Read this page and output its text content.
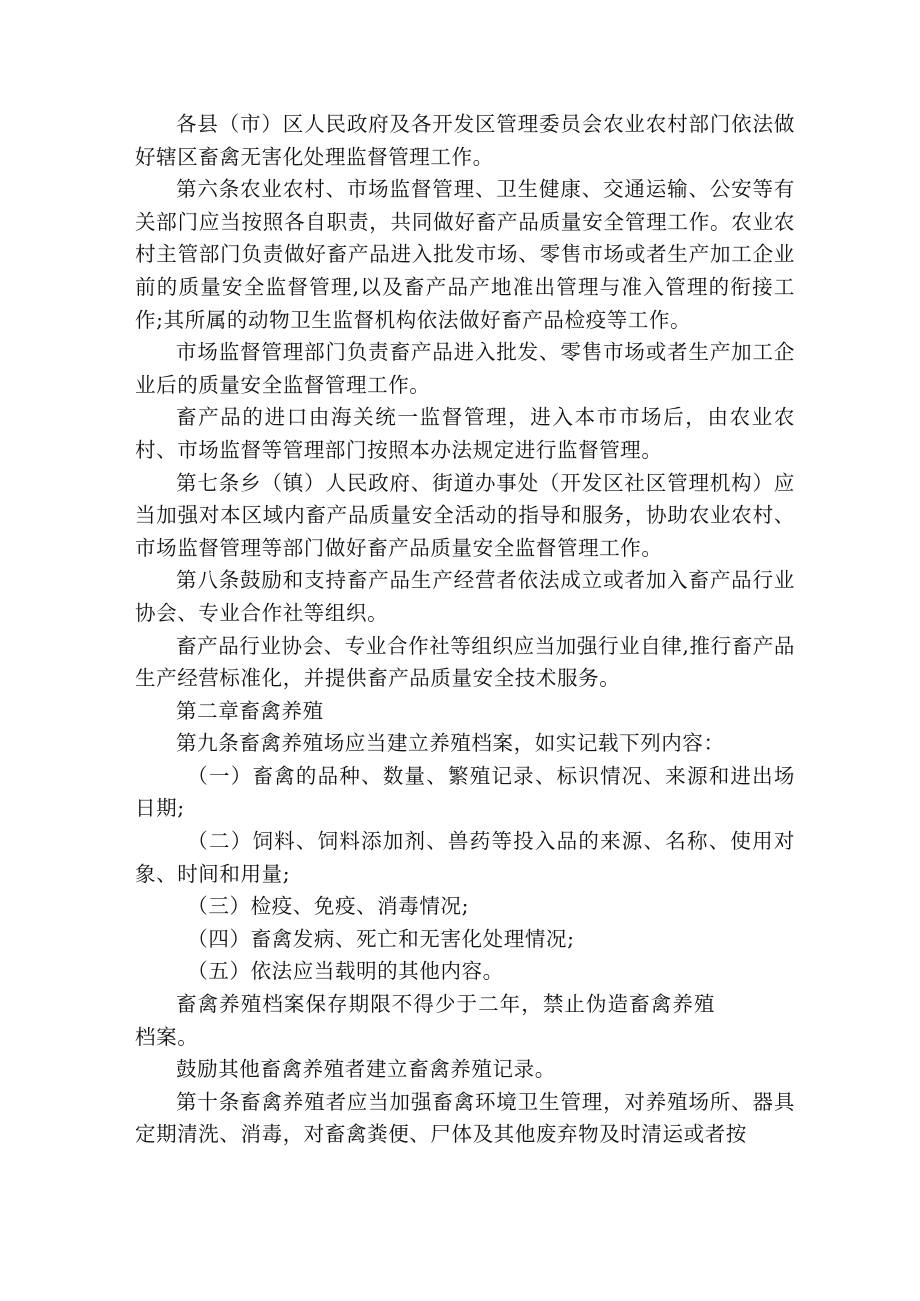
各县（市）区人民政府及各开发区管理委员会农业农村部门依法做好辖区畜禽无害化处理监督管理工作。

第六条农业农村、市场监督管理、卫生健康、交通运输、公安等有关部门应当按照各自职责，共同做好畜产品质量安全管理工作。农业农村主管部门负责做好畜产品进入批发市场、零售市场或者生产加工企业前的质量安全监督管理,以及畜产品产地准出管理与准入管理的衔接工作;其所属的动物卫生监督机构依法做好畜产品检疫等工作。

市场监督管理部门负责畜产品进入批发、零售市场或者生产加工企业后的质量安全监督管理工作。

畜产品的进口由海关统一监督管理，进入本市市场后，由农业农村、市场监督等管理部门按照本办法规定进行监督管理。

第七条乡（镇）人民政府、街道办事处（开发区社区管理机构）应当加强对本区域内畜产品质量安全活动的指导和服务，协助农业农村、市场监督管理等部门做好畜产品质量安全监督管理工作。

第八条鼓励和支持畜产品生产经营者依法成立或者加入畜产品行业协会、专业合作社等组织。

畜产品行业协会、专业合作社等组织应当加强行业自律,推行畜产品生产经营标准化，并提供畜产品质量安全技术服务。

第二章畜禽养殖

第九条畜禽养殖场应当建立养殖档案，如实记载下列内容：

（一）畜禽的品种、数量、繁殖记录、标识情况、来源和进出场日期;

（二）饲料、饲料添加剂、兽药等投入品的来源、名称、使用对象、时间和用量;

（三）检疫、免疫、消毒情况;

（四）畜禽发病、死亡和无害化处理情况;

（五）依法应当载明的其他内容。

畜禽养殖档案保存期限不得少于二年，禁止伪造畜禽养殖档案。

鼓励其他畜禽养殖者建立畜禽养殖记录。

第十条畜禽养殖者应当加强畜禽环境卫生管理，对养殖场所、器具定期清洗、消毒，对畜禽粪便、尸体及其他废弃物及时清运或者按
